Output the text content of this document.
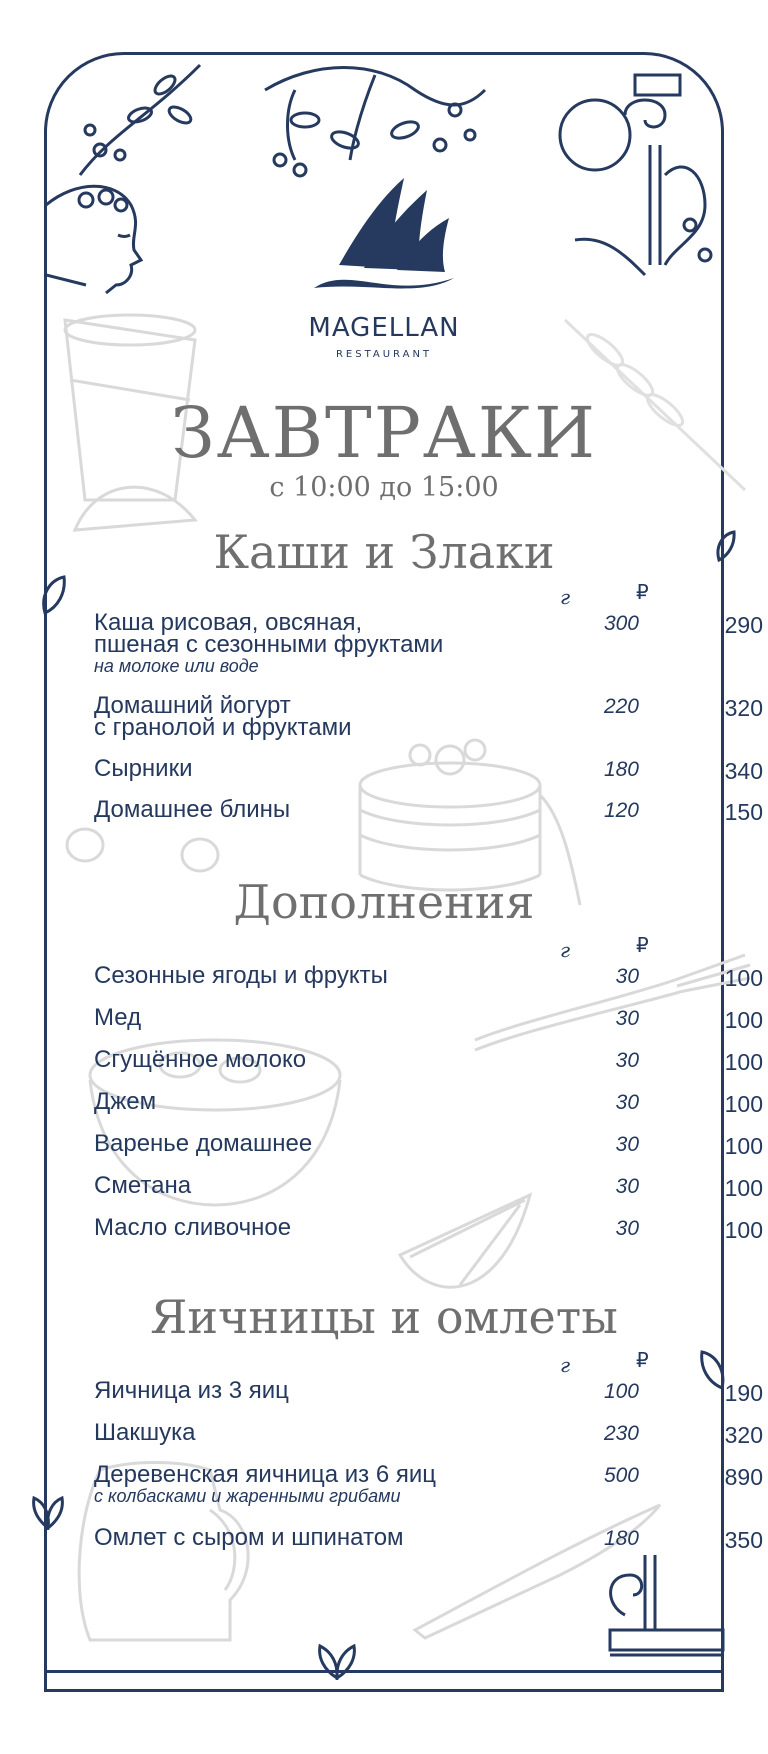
MAGELLAN
RESTAURANT
ЗАВТРАКИ
с 10:00 до 15:00
Каши и Злаки
г	₽
Каша рисовая, овсяная,
пшеная с сезонными фруктами
на молоке или воде
300	290
Домашний йогурт
с гранолой и фруктами
220	320
Сырники	180	340
Домашнее блины	120	150
Дополнения
г	₽
Сезонные ягоды и фрукты	30	100
Мед	30	100
Сгущённое молоко	30	100
Джем	30	100
Варенье домашнее	30	100
Сметана	30	100
Масло сливочное	30	100
Яичницы и омлеты
г	₽
Яичница из 3 яиц	100	190
Шакшука	230	320
Деревенская яичница из 6 яиц
с колбасками и жаренными грибами
500	890
Омлет с сыром и шпинатом	180	350
